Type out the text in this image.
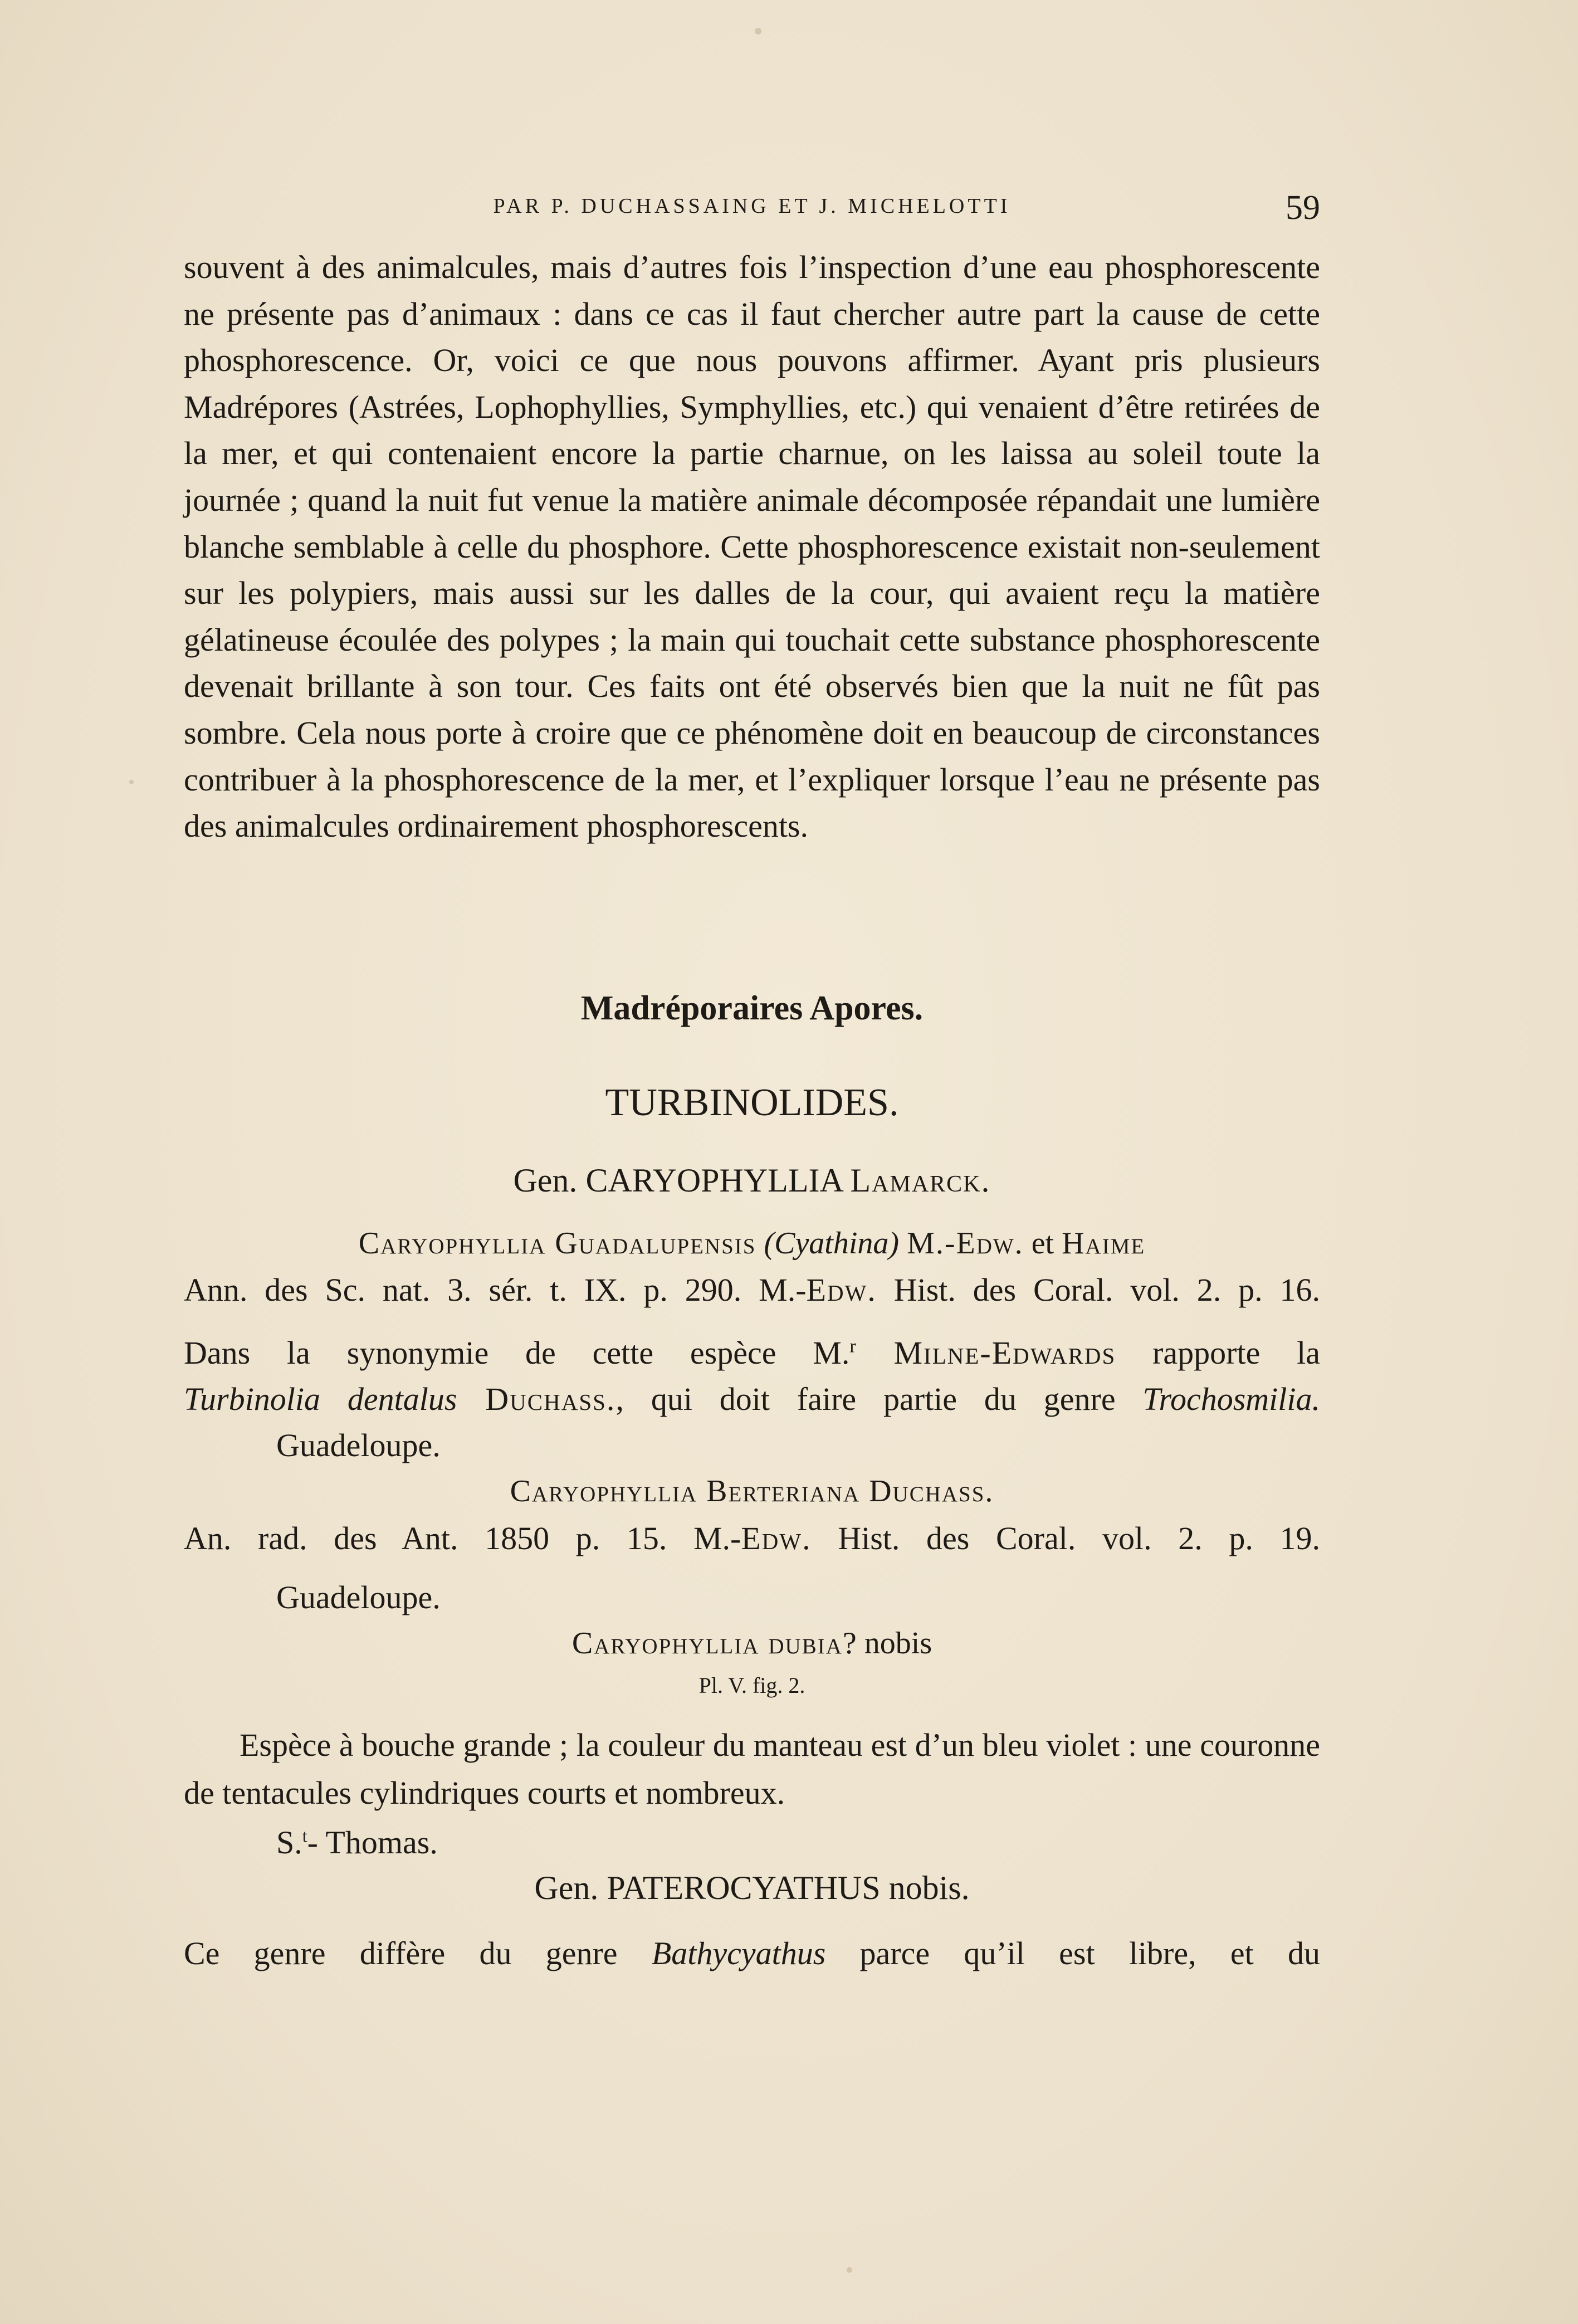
PAR P. DUCHASSAING ET J. MICHELOTTI	59

souvent à des animalcules, mais d’autres fois l’inspection d’une eau phosphorescente ne présente pas d’animaux : dans ce cas il faut chercher autre part la cause de cette phosphorescence. Or, voici ce que nous pouvons affirmer. Ayant pris plusieurs Madrépores (Astrées, Lophophyllies, Symphyllies, etc.) qui venaient d’être retirées de la mer, et qui contenaient encore la partie charnue, on les laissa au soleil toute la journée ; quand la nuit fut venue la matière animale décomposée répandait une lumière blanche semblable à celle du phosphore. Cette phosphorescence existait non-seulement sur les polypiers, mais aussi sur les dalles de la cour, qui avaient reçu la matière gélatineuse écoulée des polypes ; la main qui touchait cette substance phosphorescente devenait brillante à son tour. Ces faits ont été observés bien que la nuit ne fût pas sombre. Cela nous porte à croire que ce phénomène doit en beaucoup de circonstances contribuer à la phosphorescence de la mer, et l’expliquer lorsque l’eau ne présente pas des animalcules ordinairement phosphorescents.

Madréporaires Apores.
TURBINOLIDES.
Gen. CARYOPHYLLIA Lamarck.
Caryophyllia Guadalupensis (Cyathina) M.-Edw. et Haime
Ann. des Sc. nat. 3. sér. t. IX. p. 290. M.-Edw. Hist. des Coral. vol. 2. p. 16.
Dans la synonymie de cette espèce M.$^r$ Milne-Edwards rapporte la
Turbinolia dentalus Duchass., qui doit faire partie du genre Trochosmilia.
Guadeloupe.
Caryophyllia Berteriana Duchass.
An. rad. des Ant. 1850 p. 15. M.-Edw. Hist. des Coral. vol. 2. p. 19.
Guadeloupe.
Caryophyllia dubia? nobis
Pl. V. fig. 2.

Espèce à bouche grande ; la couleur du manteau est d’un bleu violet : une couronne de tentacules cylindriques courts et nombreux.

S.$^t$- Thomas.
Gen. PATEROCYATHUS nobis.
Ce genre diffère du genre Bathycyathus parce qu’il est libre, et du
